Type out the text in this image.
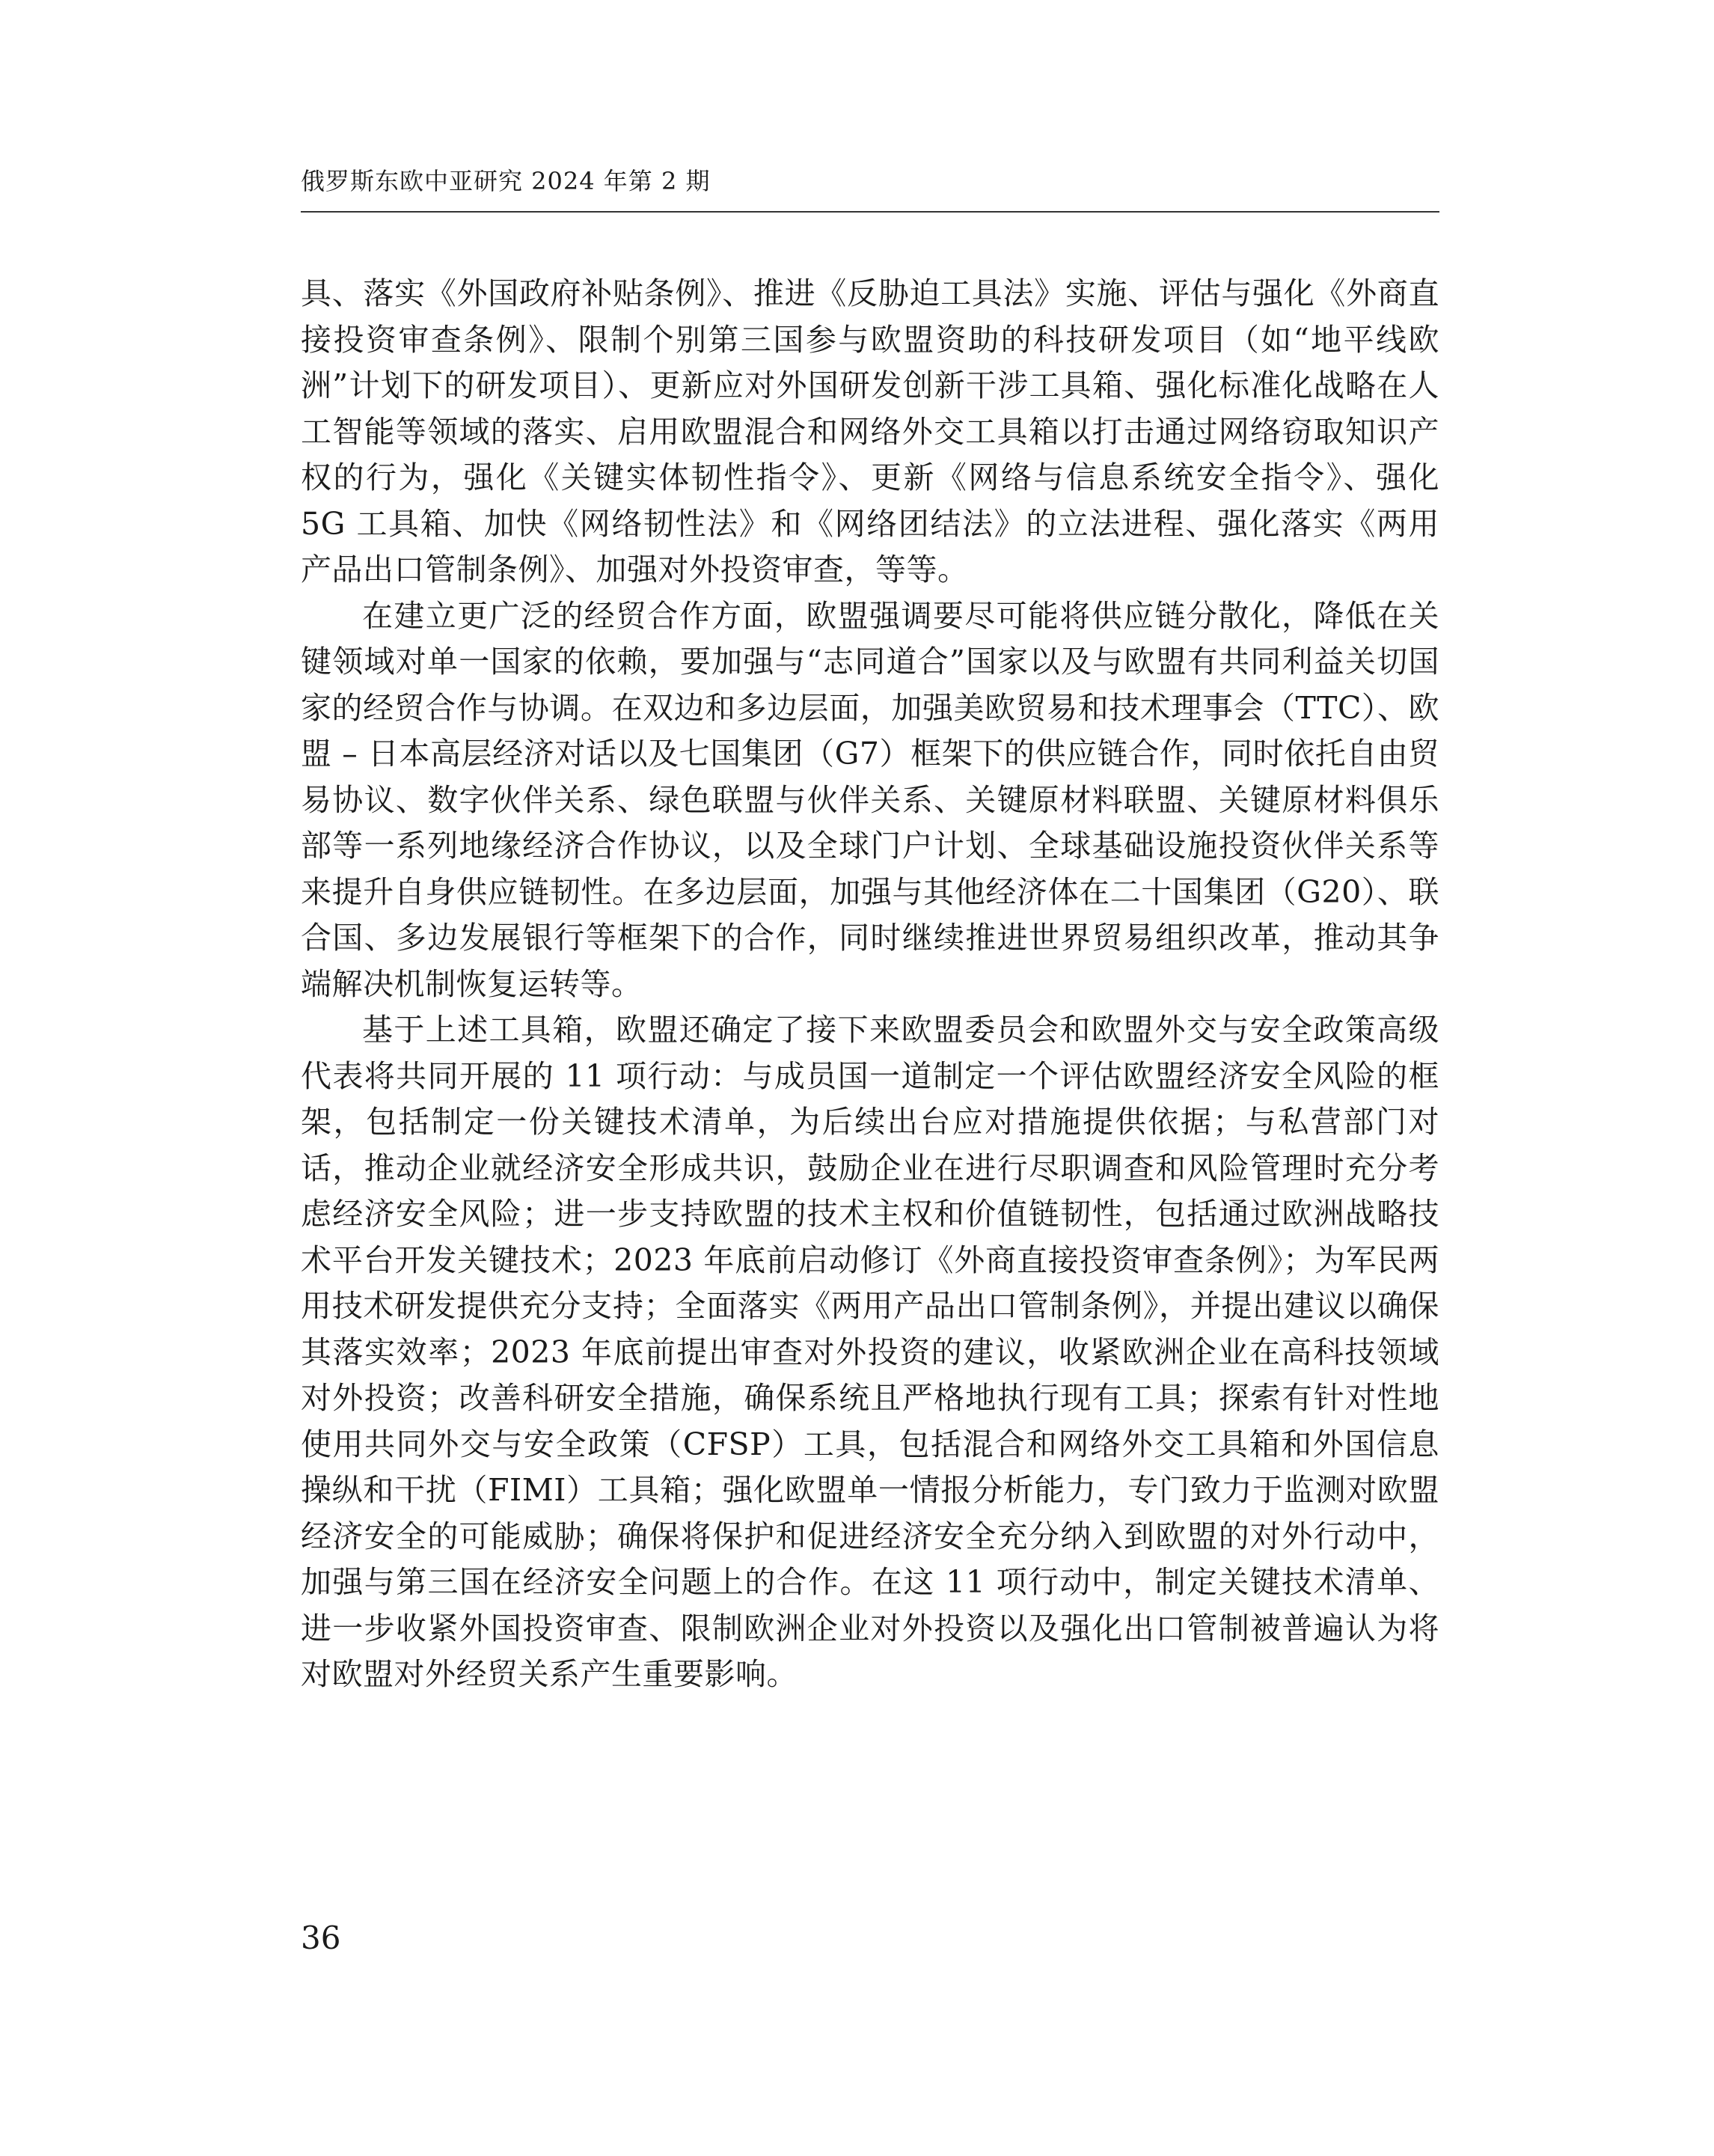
俄罗斯东欧中亚研究 2024 年第 2 期

具、落实《外国政府补贴条例》、推进《反胁迫工具法》实施、评估与强化《外商直接投资审查条例》、限制个别第三国参与欧盟资助的科技研发项目（如“地平线欧洲”计划下的研发项目）、更新应对外国研发创新干涉工具箱、强化标准化战略在人工智能等领域的落实、启用欧盟混合和网络外交工具箱以打击通过网络窃取知识产权的行为，强化《关键实体韧性指令》、更新《网络与信息系统安全指令》、强化 5G 工具箱、加快《网络韧性法》和《网络团结法》的立法进程、强化落实《两用产品出口管制条例》、加强对外投资审查，等等。

在建立更广泛的经贸合作方面，欧盟强调要尽可能将供应链分散化，降低在关键领域对单一国家的依赖，要加强与“志同道合”国家以及与欧盟有共同利益关切国家的经贸合作与协调。在双边和多边层面，加强美欧贸易和技术理事会（TTC）、欧盟 – 日本高层经济对话以及七国集团（G7）框架下的供应链合作，同时依托自由贸易协议、数字伙伴关系、绿色联盟与伙伴关系、关键原材料联盟、关键原材料俱乐部等一系列地缘经济合作协议，以及全球门户计划、全球基础设施投资伙伴关系等来提升自身供应链韧性。在多边层面，加强与其他经济体在二十国集团（G20）、联合国、多边发展银行等框架下的合作，同时继续推进世界贸易组织改革，推动其争端解决机制恢复运转等。

基于上述工具箱，欧盟还确定了接下来欧盟委员会和欧盟外交与安全政策高级代表将共同开展的 11 项行动：与成员国一道制定一个评估欧盟经济安全风险的框架，包括制定一份关键技术清单，为后续出台应对措施提供依据；与私营部门对话，推动企业就经济安全形成共识，鼓励企业在进行尽职调查和风险管理时充分考虑经济安全风险；进一步支持欧盟的技术主权和价值链韧性，包括通过欧洲战略技术平台开发关键技术；2023 年底前启动修订《外商直接投资审查条例》；为军民两用技术研发提供充分支持；全面落实《两用产品出口管制条例》，并提出建议以确保其落实效率；2023 年底前提出审查对外投资的建议，收紧欧洲企业在高科技领域对外投资；改善科研安全措施，确保系统且严格地执行现有工具；探索有针对性地使用共同外交与安全政策（CFSP）工具，包括混合和网络外交工具箱和外国信息操纵和干扰（FIMI）工具箱；强化欧盟单一情报分析能力，专门致力于监测对欧盟经济安全的可能威胁；确保将保护和促进经济安全充分纳入到欧盟的对外行动中，加强与第三国在经济安全问题上的合作。在这 11 项行动中，制定关键技术清单、进一步收紧外国投资审查、限制欧洲企业对外投资以及强化出口管制被普遍认为将对欧盟对外经贸关系产生重要影响。

36
